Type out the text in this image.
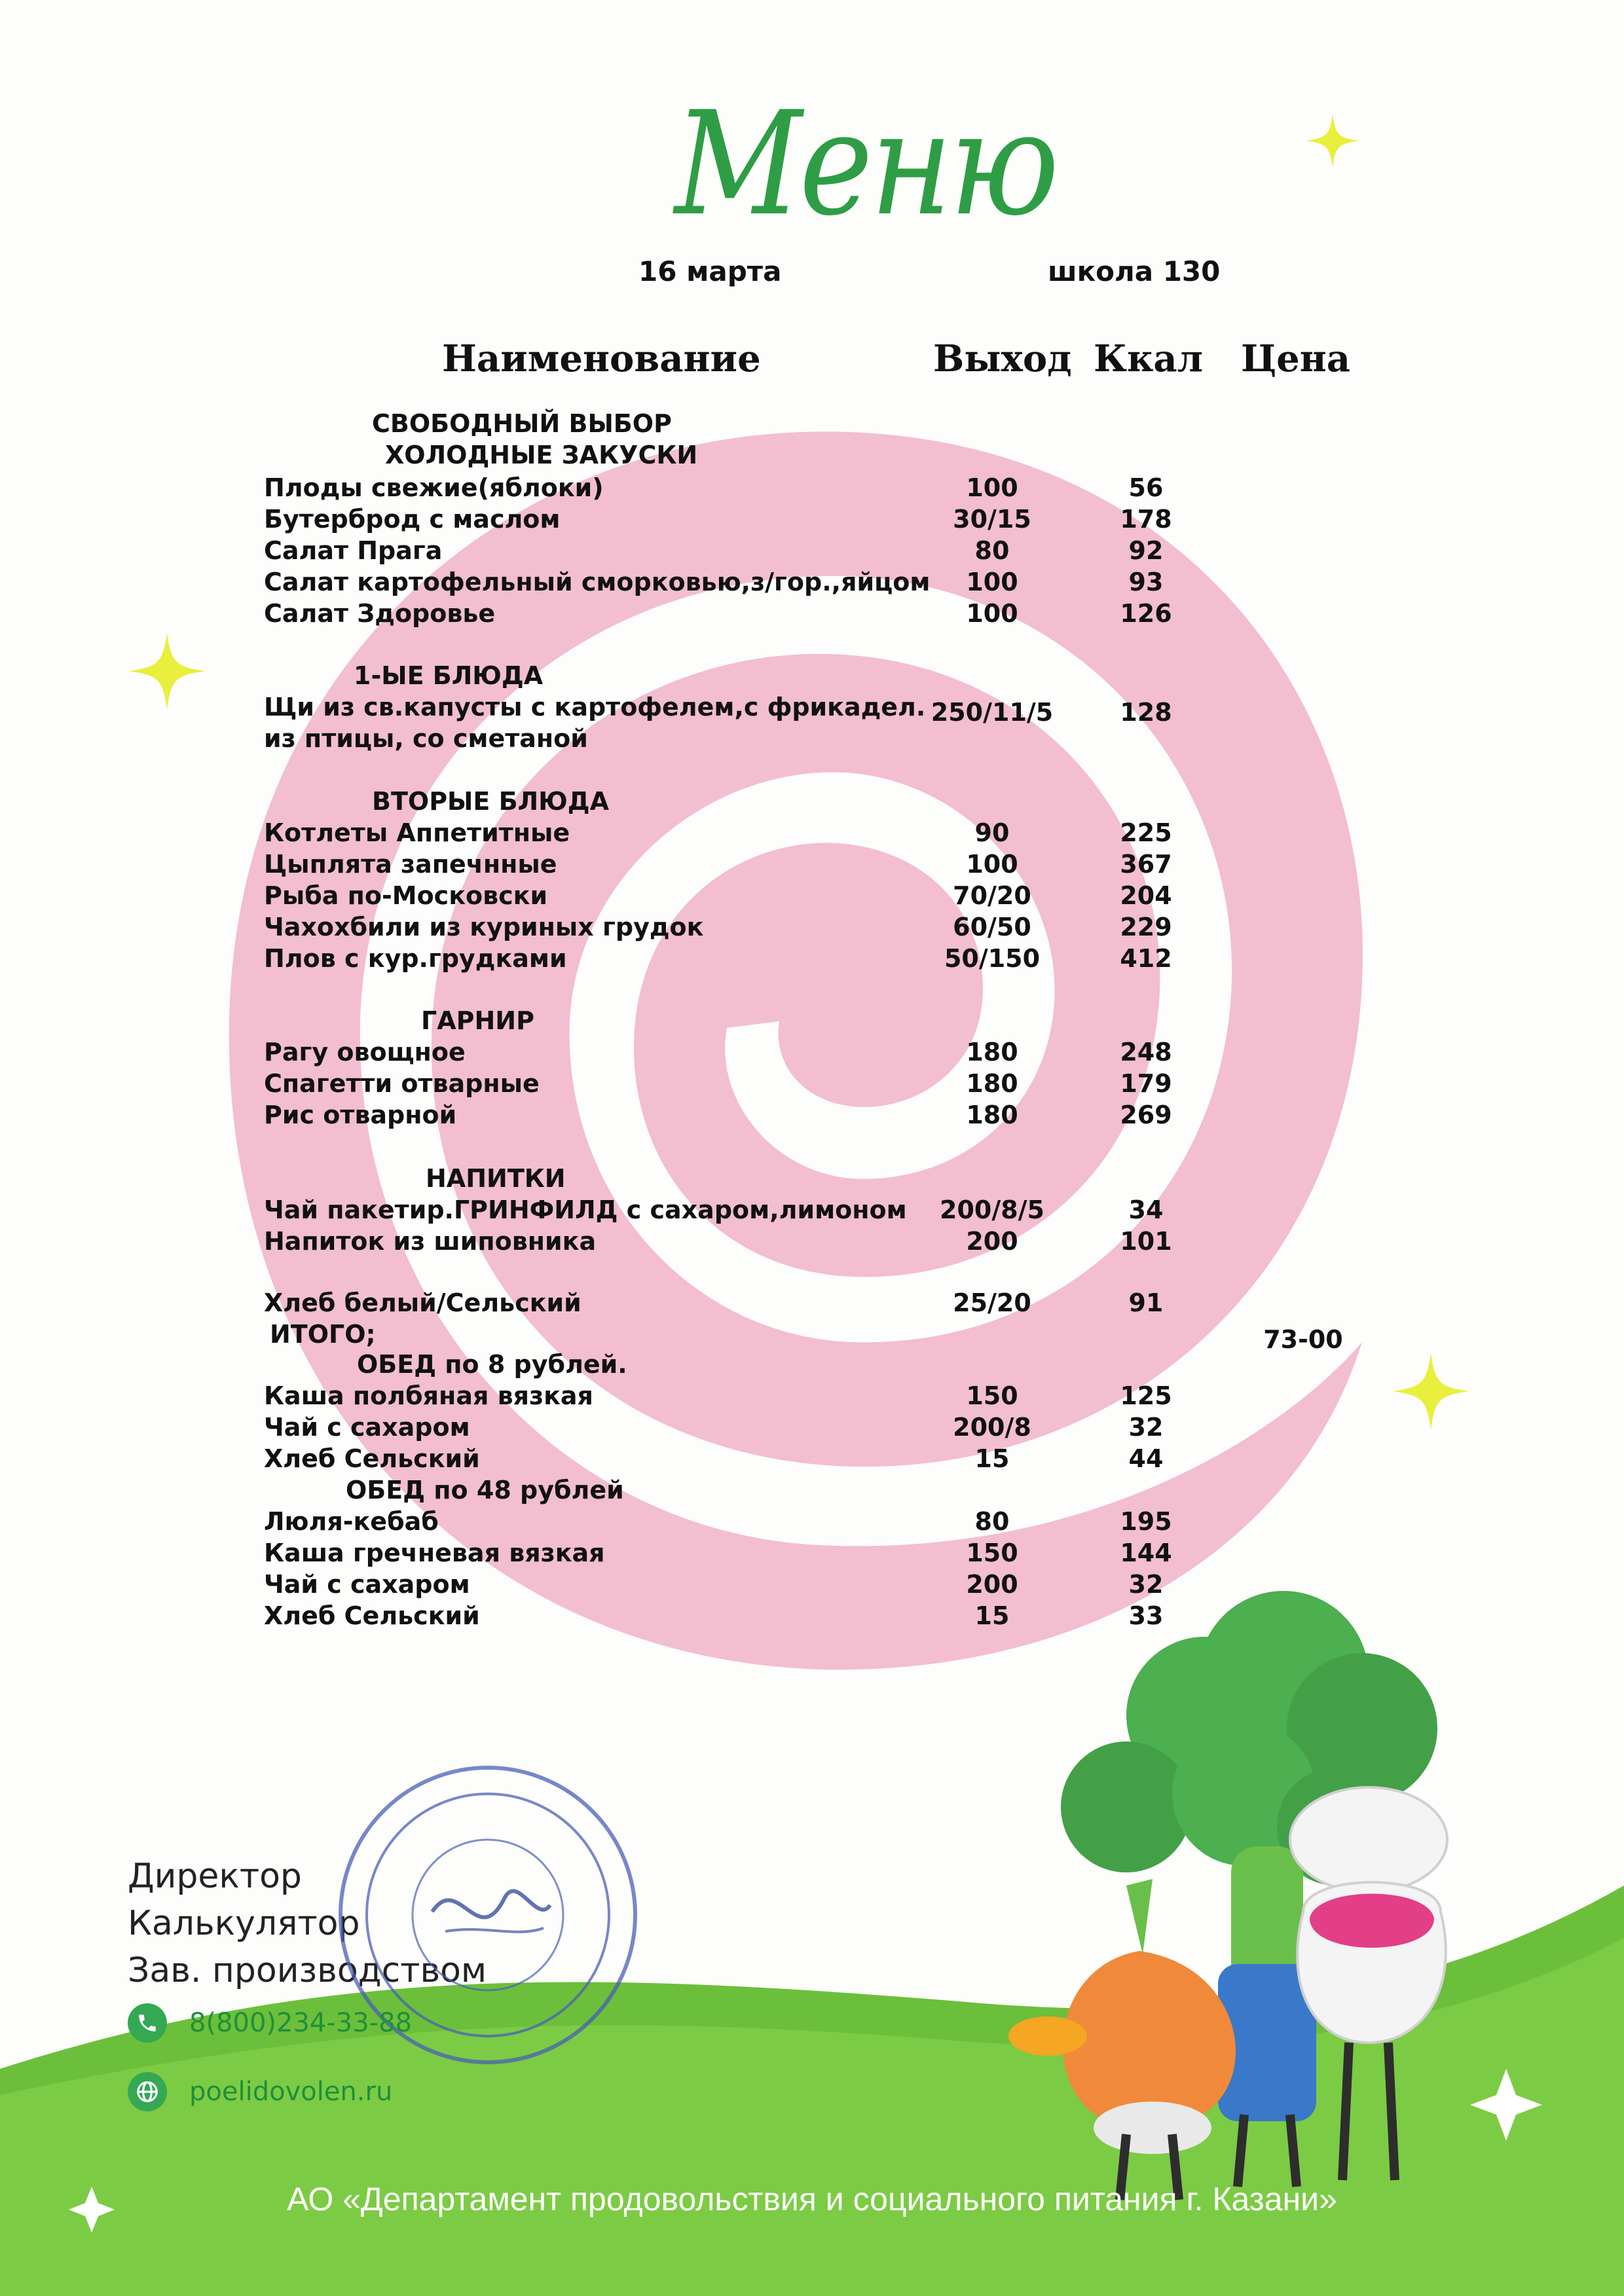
Меню
16 марта	школа 130
Наименование	Выход Ккал Цена
СВОБОДНЫЙ ВЫБОР
ХОЛОДНЫЕ ЗАКУСКИ
Плоды свежие(яблоки)	100	56
Бутерброд с маслом	30/15	178
Салат Прага	80	92
Салат картофельный сморковью,з/гор.,яйцом	100	93
Салат Здоровье	100	126
1-ЫЕ БЛЮДА
Щи из св.капусты с картофелем,с фрикадел. 250/11/5	128
из птицы, со сметаной
ВТОРЫЕ БЛЮДА
Котлеты Аппетитные	90	225
Цыплята запечнные	100	367
Рыба по-Московски	70/20	204
Чахохбили из куриных грудок	60/50	229
Плов с кур.грудками	50/150	412
ГАРНИР
Рагу овощное	180	248
Спагетти отварные	180	179
Рис отварной	180	269
НАПИТКИ
Чай пакетир.ГРИНФИЛД с сахаром,лимоном	200/8/5	34
Напиток из шиповника	200	101
Хлеб белый/Сельский	25/20	91
ИТОГО;	73-00
ОБЕД по 8 рублей.
Каша полбяная вязкая	150	125
Чай с сахаром	200/8	32
Хлеб Сельский	15	44
ОБЕД по 48 рублей
Люля-кебаб	80	195
Каша гречневая вязкая	150	144
Чай с сахаром	200	32
Хлеб Сельский	15	33
Директор
Калькулятор
Зав. производством
8(800)234-33-88
poelidovolen.ru
АО «Департамент продовольствия и социального питания г. Казани»
